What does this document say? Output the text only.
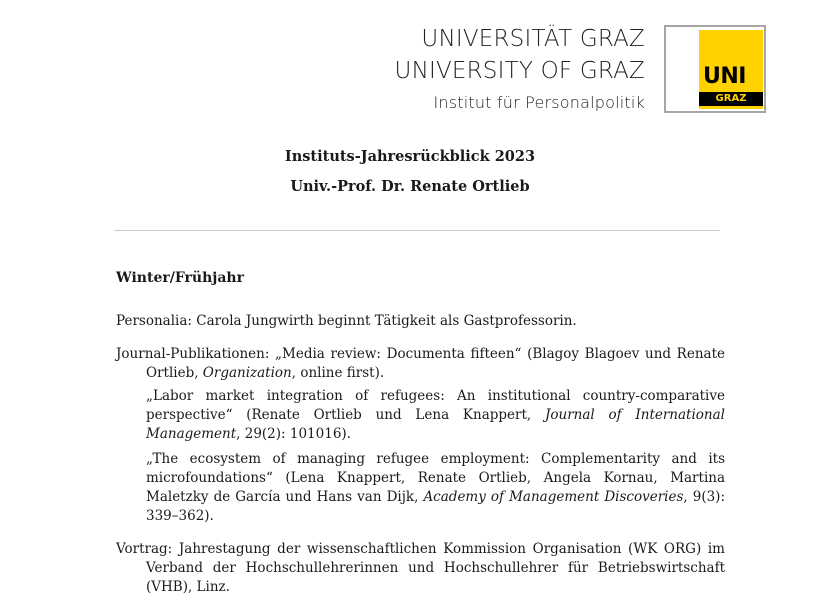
UNIVERSITÄT GRAZ
UNIVERSITY OF GRAZ
Institut für Personalpolitik
UNI
GRAZ
Instituts-Jahresrückblick 2023
Univ.-Prof. Dr. Renate Ortlieb
Winter/Frühjahr

Personalia: Carola Jungwirth beginnt Tätigkeit als Gastprofessorin.

Journal-Publikationen: „Media review: Documenta fifteen“ (Blagoy Blagoev und Renate Ortlieb, Organization, online first).

„Labor market integration of refugees: An institutional country-comparative perspective“ (Renate Ortlieb und Lena Knappert, Journal of International Management, 29(2): 101016).

„The ecosystem of managing refugee employment: Complementarity and its microfoundations“ (Lena Knappert, Renate Ortlieb, Angela Kornau, Martina Maletzky de García und Hans van Dijk, Academy of Management Discoveries, 9(3): 339–362).

Vortrag: Jahrestagung der wissenschaftlichen Kommission Organisation (WK ORG) im Verband der Hochschullehrerinnen und Hochschullehrer für Betriebswirtschaft (VHB), Linz.
